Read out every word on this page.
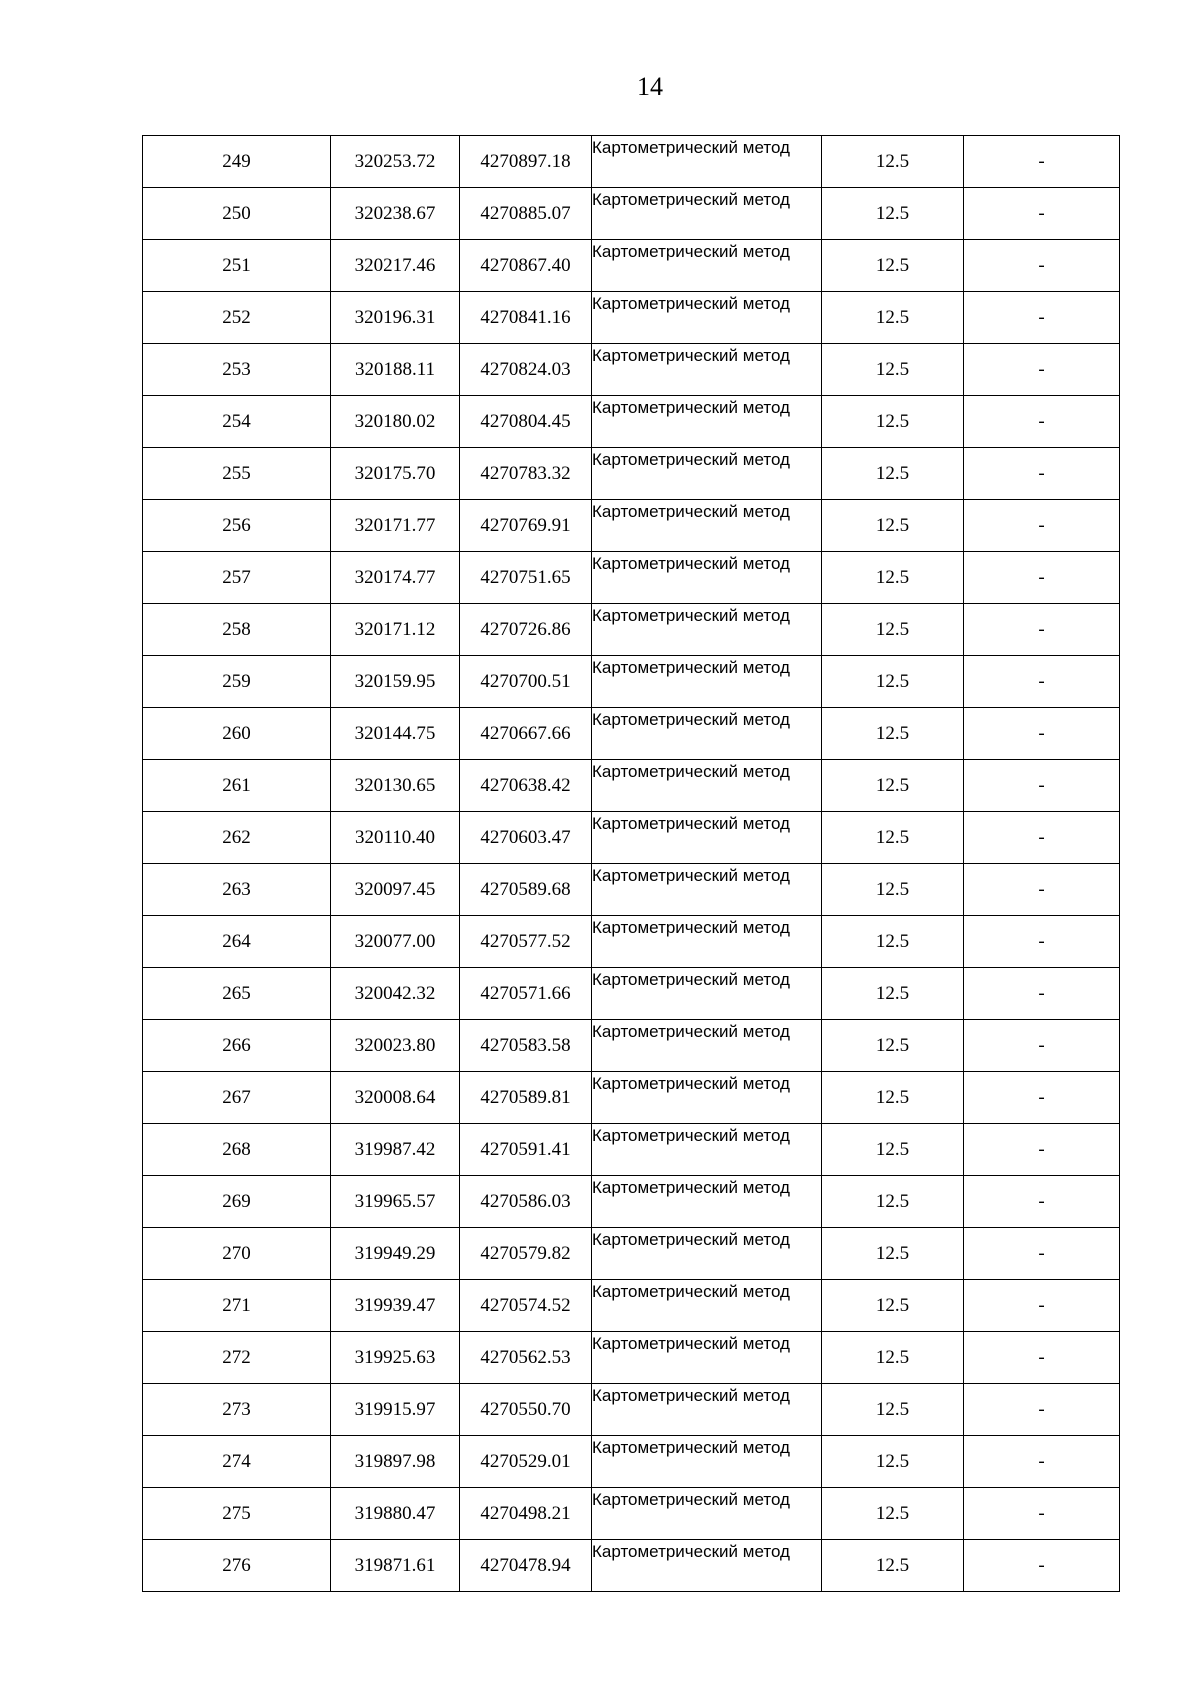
14
249	320253.72	4270897.18	Картометрический метод	12.5	-
250	320238.67	4270885.07	Картометрический метод	12.5	-
251	320217.46	4270867.40	Картометрический метод	12.5	-
252	320196.31	4270841.16	Картометрический метод	12.5	-
253	320188.11	4270824.03	Картометрический метод	12.5	-
254	320180.02	4270804.45	Картометрический метод	12.5	-
255	320175.70	4270783.32	Картометрический метод	12.5	-
256	320171.77	4270769.91	Картометрический метод	12.5	-
257	320174.77	4270751.65	Картометрический метод	12.5	-
258	320171.12	4270726.86	Картометрический метод	12.5	-
259	320159.95	4270700.51	Картометрический метод	12.5	-
260	320144.75	4270667.66	Картометрический метод	12.5	-
261	320130.65	4270638.42	Картометрический метод	12.5	-
262	320110.40	4270603.47	Картометрический метод	12.5	-
263	320097.45	4270589.68	Картометрический метод	12.5	-
264	320077.00	4270577.52	Картометрический метод	12.5	-
265	320042.32	4270571.66	Картометрический метод	12.5	-
266	320023.80	4270583.58	Картометрический метод	12.5	-
267	320008.64	4270589.81	Картометрический метод	12.5	-
268	319987.42	4270591.41	Картометрический метод	12.5	-
269	319965.57	4270586.03	Картометрический метод	12.5	-
270	319949.29	4270579.82	Картометрический метод	12.5	-
271	319939.47	4270574.52	Картометрический метод	12.5	-
272	319925.63	4270562.53	Картометрический метод	12.5	-
273	319915.97	4270550.70	Картометрический метод	12.5	-
274	319897.98	4270529.01	Картометрический метод	12.5	-
275	319880.47	4270498.21	Картометрический метод	12.5	-
276	319871.61	4270478.94	Картометрический метод	12.5	-
